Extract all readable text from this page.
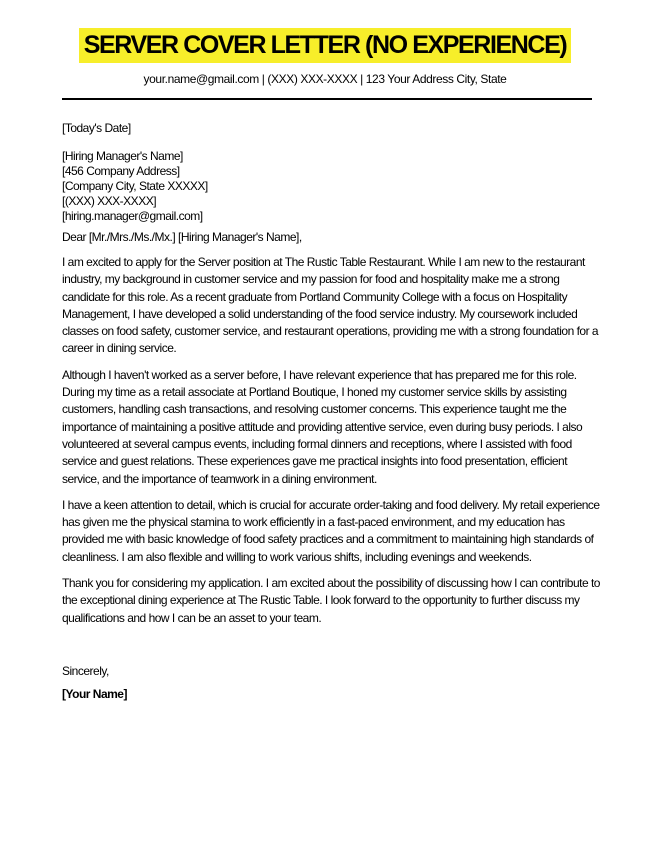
SERVER COVER LETTER (NO EXPERIENCE)
your.name@gmail.com | (XXX) XXX-XXXX | 123 Your Address City, State
[Today's Date]
[Hiring Manager's Name]
[456 Company Address]
[Company City, State XXXXX]
[(XXX) XXX-XXXX]
[hiring.manager@gmail.com]
Dear [Mr./Mrs./Ms./Mx.] [Hiring Manager's Name],

I am excited to apply for the Server position at The Rustic Table Restaurant. While I am new to the restaurant industry, my background in customer service and my passion for food and hospitality make me a strong candidate for this role. As a recent graduate from Portland Community College with a focus on Hospitality Management, I have developed a solid understanding of the food service industry. My coursework included classes on food safety, customer service, and restaurant operations, providing me with a strong foundation for a career in dining service.

Although I haven't worked as a server before, I have relevant experience that has prepared me for this role. During my time as a retail associate at Portland Boutique, I honed my customer service skills by assisting customers, handling cash transactions, and resolving customer concerns. This experience taught me the importance of maintaining a positive attitude and providing attentive service, even during busy periods. I also volunteered at several campus events, including formal dinners and receptions, where I assisted with food service and guest relations. These experiences gave me practical insights into food presentation, efficient service, and the importance of teamwork in a dining environment.

I have a keen attention to detail, which is crucial for accurate order-taking and food delivery. My retail experience has given me the physical stamina to work efficiently in a fast-paced environment, and my education has provided me with basic knowledge of food safety practices and a commitment to maintaining high standards of cleanliness. I am also flexible and willing to work various shifts, including evenings and weekends.

Thank you for considering my application. I am excited about the possibility of discussing how I can contribute to the exceptional dining experience at The Rustic Table. I look forward to the opportunity to further discuss my qualifications and how I can be an asset to your team.

Sincerely,
[Your Name]
